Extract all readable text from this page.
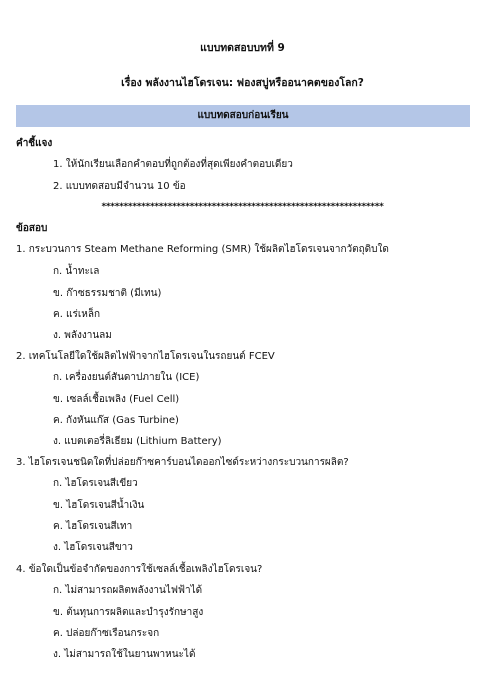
แบบทดสอบบทที่ 9
เรื่อง พลังงานไฮโดรเจน: ฟองสบู่หรืออนาคตของโลก?
แบบทดสอบก่อนเรียน
คำชี้แจง
1. ให้นักเรียนเลือกคำตอบที่ถูกต้องที่สุดเพียงคำตอบเดียว
2. แบบทดสอบมีจำนวน 10 ข้อ
****************************************************************
ข้อสอบ
1. กระบวนการ Steam Methane Reforming (SMR) ใช้ผลิตไฮโดรเจนจากวัตถุดิบใด
ก. น้ำทะเล
ข. ก๊าซธรรมชาติ (มีเทน)
ค. แร่เหล็ก
ง. พลังงานลม
2. เทคโนโลยีใดใช้ผลิตไฟฟ้าจากไฮโดรเจนในรถยนต์ FCEV
ก. เครื่องยนต์สันดาปภายใน (ICE)
ข. เซลล์เชื้อเพลิง (Fuel Cell)
ค. กังหันแก๊ส (Gas Turbine)
ง. แบตเตอรี่ลิเธียม (Lithium Battery)
3. ไฮโดรเจนชนิดใดที่ปล่อยก๊าซคาร์บอนไดออกไซด์ระหว่างกระบวนการผลิต?
ก. ไฮโดรเจนสีเขียว
ข. ไฮโดรเจนสีน้ำเงิน
ค. ไฮโดรเจนสีเทา
ง. ไฮโดรเจนสีขาว
4. ข้อใดเป็นข้อจำกัดของการใช้เซลล์เชื้อเพลิงไฮโดรเจน?
ก. ไม่สามารถผลิตพลังงานไฟฟ้าได้
ข. ต้นทุนการผลิตและบำรุงรักษาสูง
ค. ปล่อยก๊าซเรือนกระจก
ง. ไม่สามารถใช้ในยานพาหนะได้
